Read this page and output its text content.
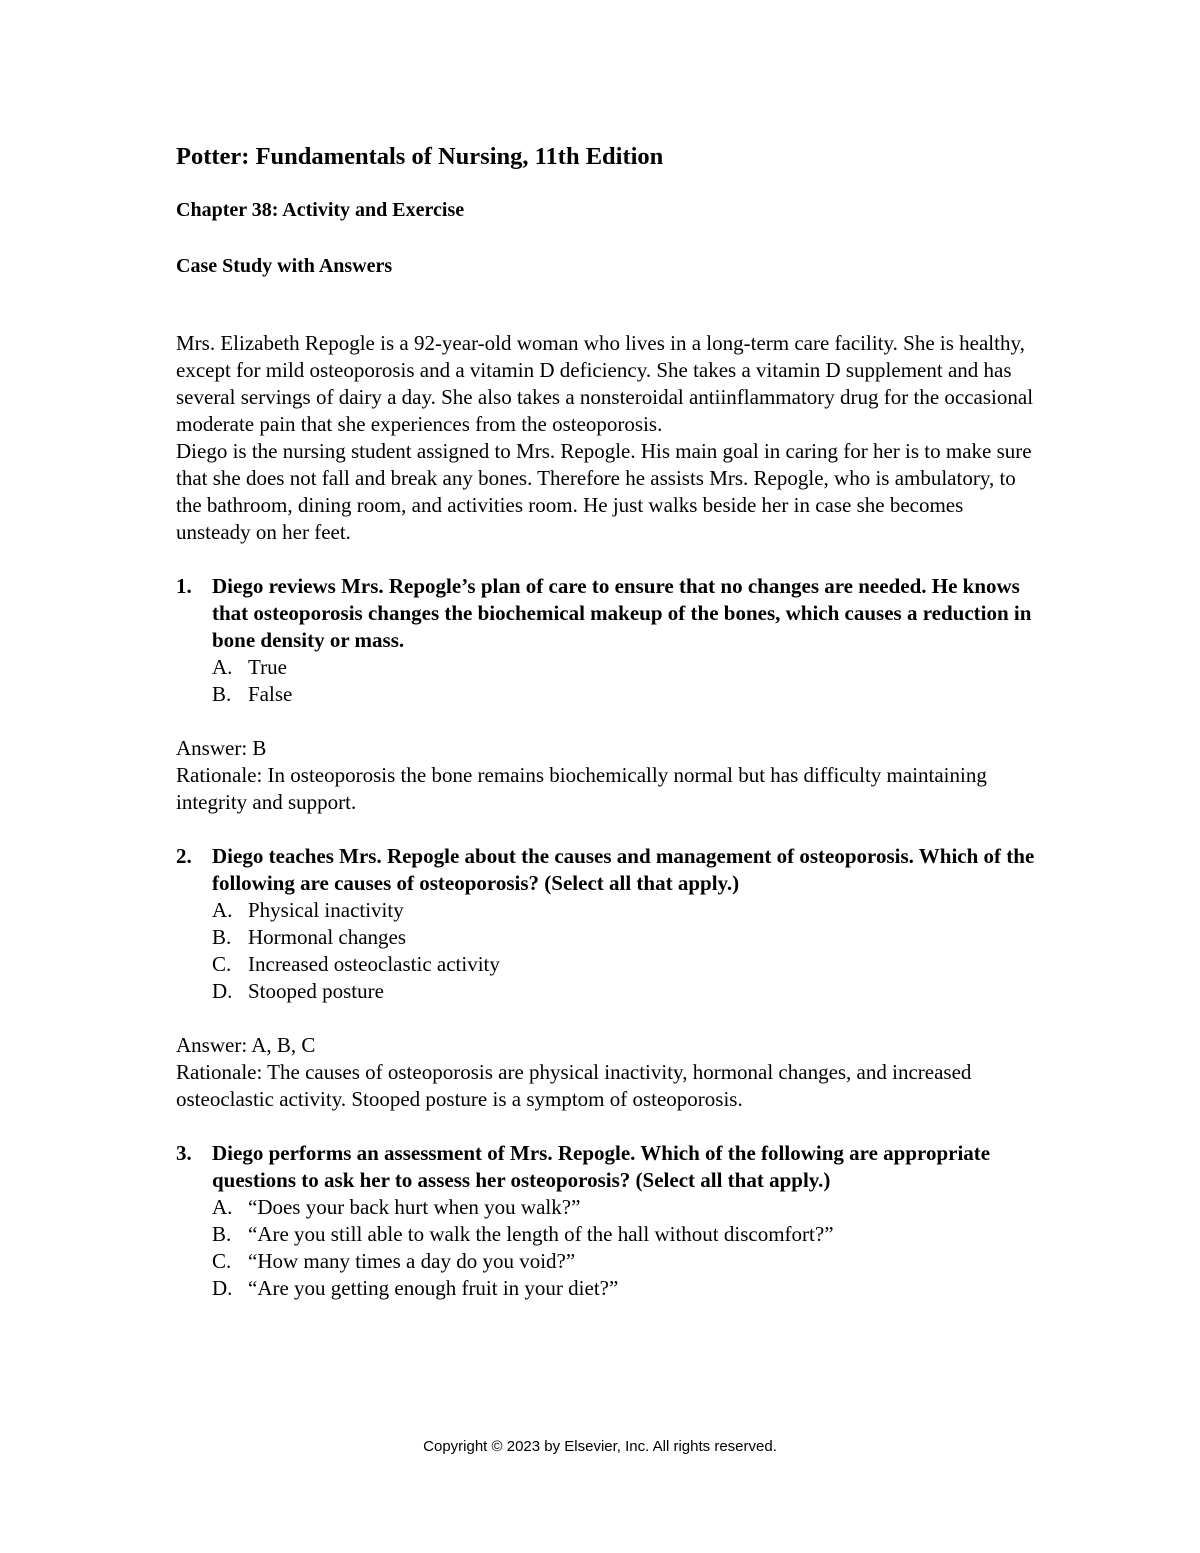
Potter: Fundamentals of Nursing, 11th Edition
Chapter 38: Activity and Exercise
Case Study with Answers

Mrs. Elizabeth Repogle is a 92-year-old woman who lives in a long-term care facility. She is healthy, except for mild osteoporosis and a vitamin D deficiency. She takes a vitamin D supplement and has several servings of dairy a day. She also takes a nonsteroidal antiinflammatory drug for the occasional moderate pain that she experiences from the osteoporosis.

Diego is the nursing student assigned to Mrs. Repogle. His main goal in caring for her is to make sure that she does not fall and break any bones. Therefore he assists Mrs. Repogle, who is ambulatory, to the bathroom, dining room, and activities room. He just walks beside her in case she becomes unsteady on her feet.

1. Diego reviews Mrs. Repogle’s plan of care to ensure that no changes are needed. He knows that osteoporosis changes the biochemical makeup of the bones, which causes a reduction in bone density or mass.
A. True
B. False

Answer: B

Rationale: In osteoporosis the bone remains biochemically normal but has difficulty maintaining integrity and support.

2. Diego teaches Mrs. Repogle about the causes and management of osteoporosis. Which of the following are causes of osteoporosis? (Select all that apply.)
A. Physical inactivity
B. Hormonal changes
C. Increased osteoclastic activity
D. Stooped posture

Answer: A, B, C

Rationale: The causes of osteoporosis are physical inactivity, hormonal changes, and increased osteoclastic activity. Stooped posture is a symptom of osteoporosis.

3. Diego performs an assessment of Mrs. Repogle. Which of the following are appropriate questions to ask her to assess her osteoporosis? (Select all that apply.)
A. “Does your back hurt when you walk?”
B. “Are you still able to walk the length of the hall without discomfort?”
C. “How many times a day do you void?”
D. “Are you getting enough fruit in your diet?”
Copyright © 2023 by Elsevier, Inc. All rights reserved.
